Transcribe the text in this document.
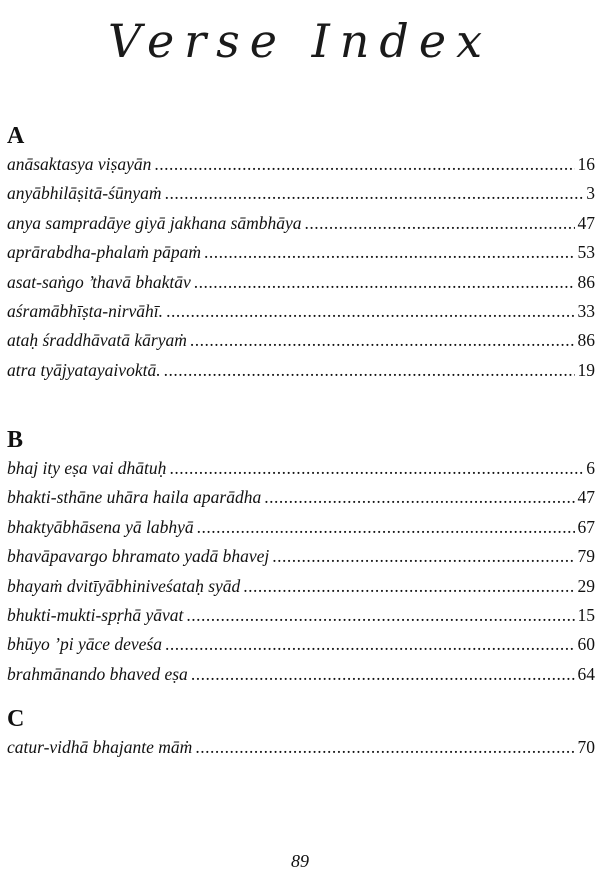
Verse Index
A
anāsaktasya viṣayān .....	16
anyābhilāṣitā-śūnyaṁ .....	3
anya sampradāye giyā jakhana sāmbhāya .....	47
aprārabdha-phalaṁ pāpaṁ .....	53
asat-saṅgo ’thavā bhaktāv .....	86
aśramābhīṣta-nirvāhī. .....	33
ataḥ śraddhāvatā kāryaṁ .....	86
atra tyājyatayaivoktā. .....	19
B
bhaj ity eṣa vai dhātuḥ .....	6
bhakti-sthāne uhāra haila aparādha .....	47
bhaktyābhāsena yā labhyā .....	67
bhavāpavargo bhramato yadā bhavej .....	79
bhayaṁ dvitīyābhiniveśataḥ syād .....	29
bhukti-mukti-spṛhā yāvat .....	15
bhūyo ’pi yāce deveśa .....	60
brahmānando bhaved eṣa .....	64
C
catur-vidhā bhajante māṁ .....	70
89
